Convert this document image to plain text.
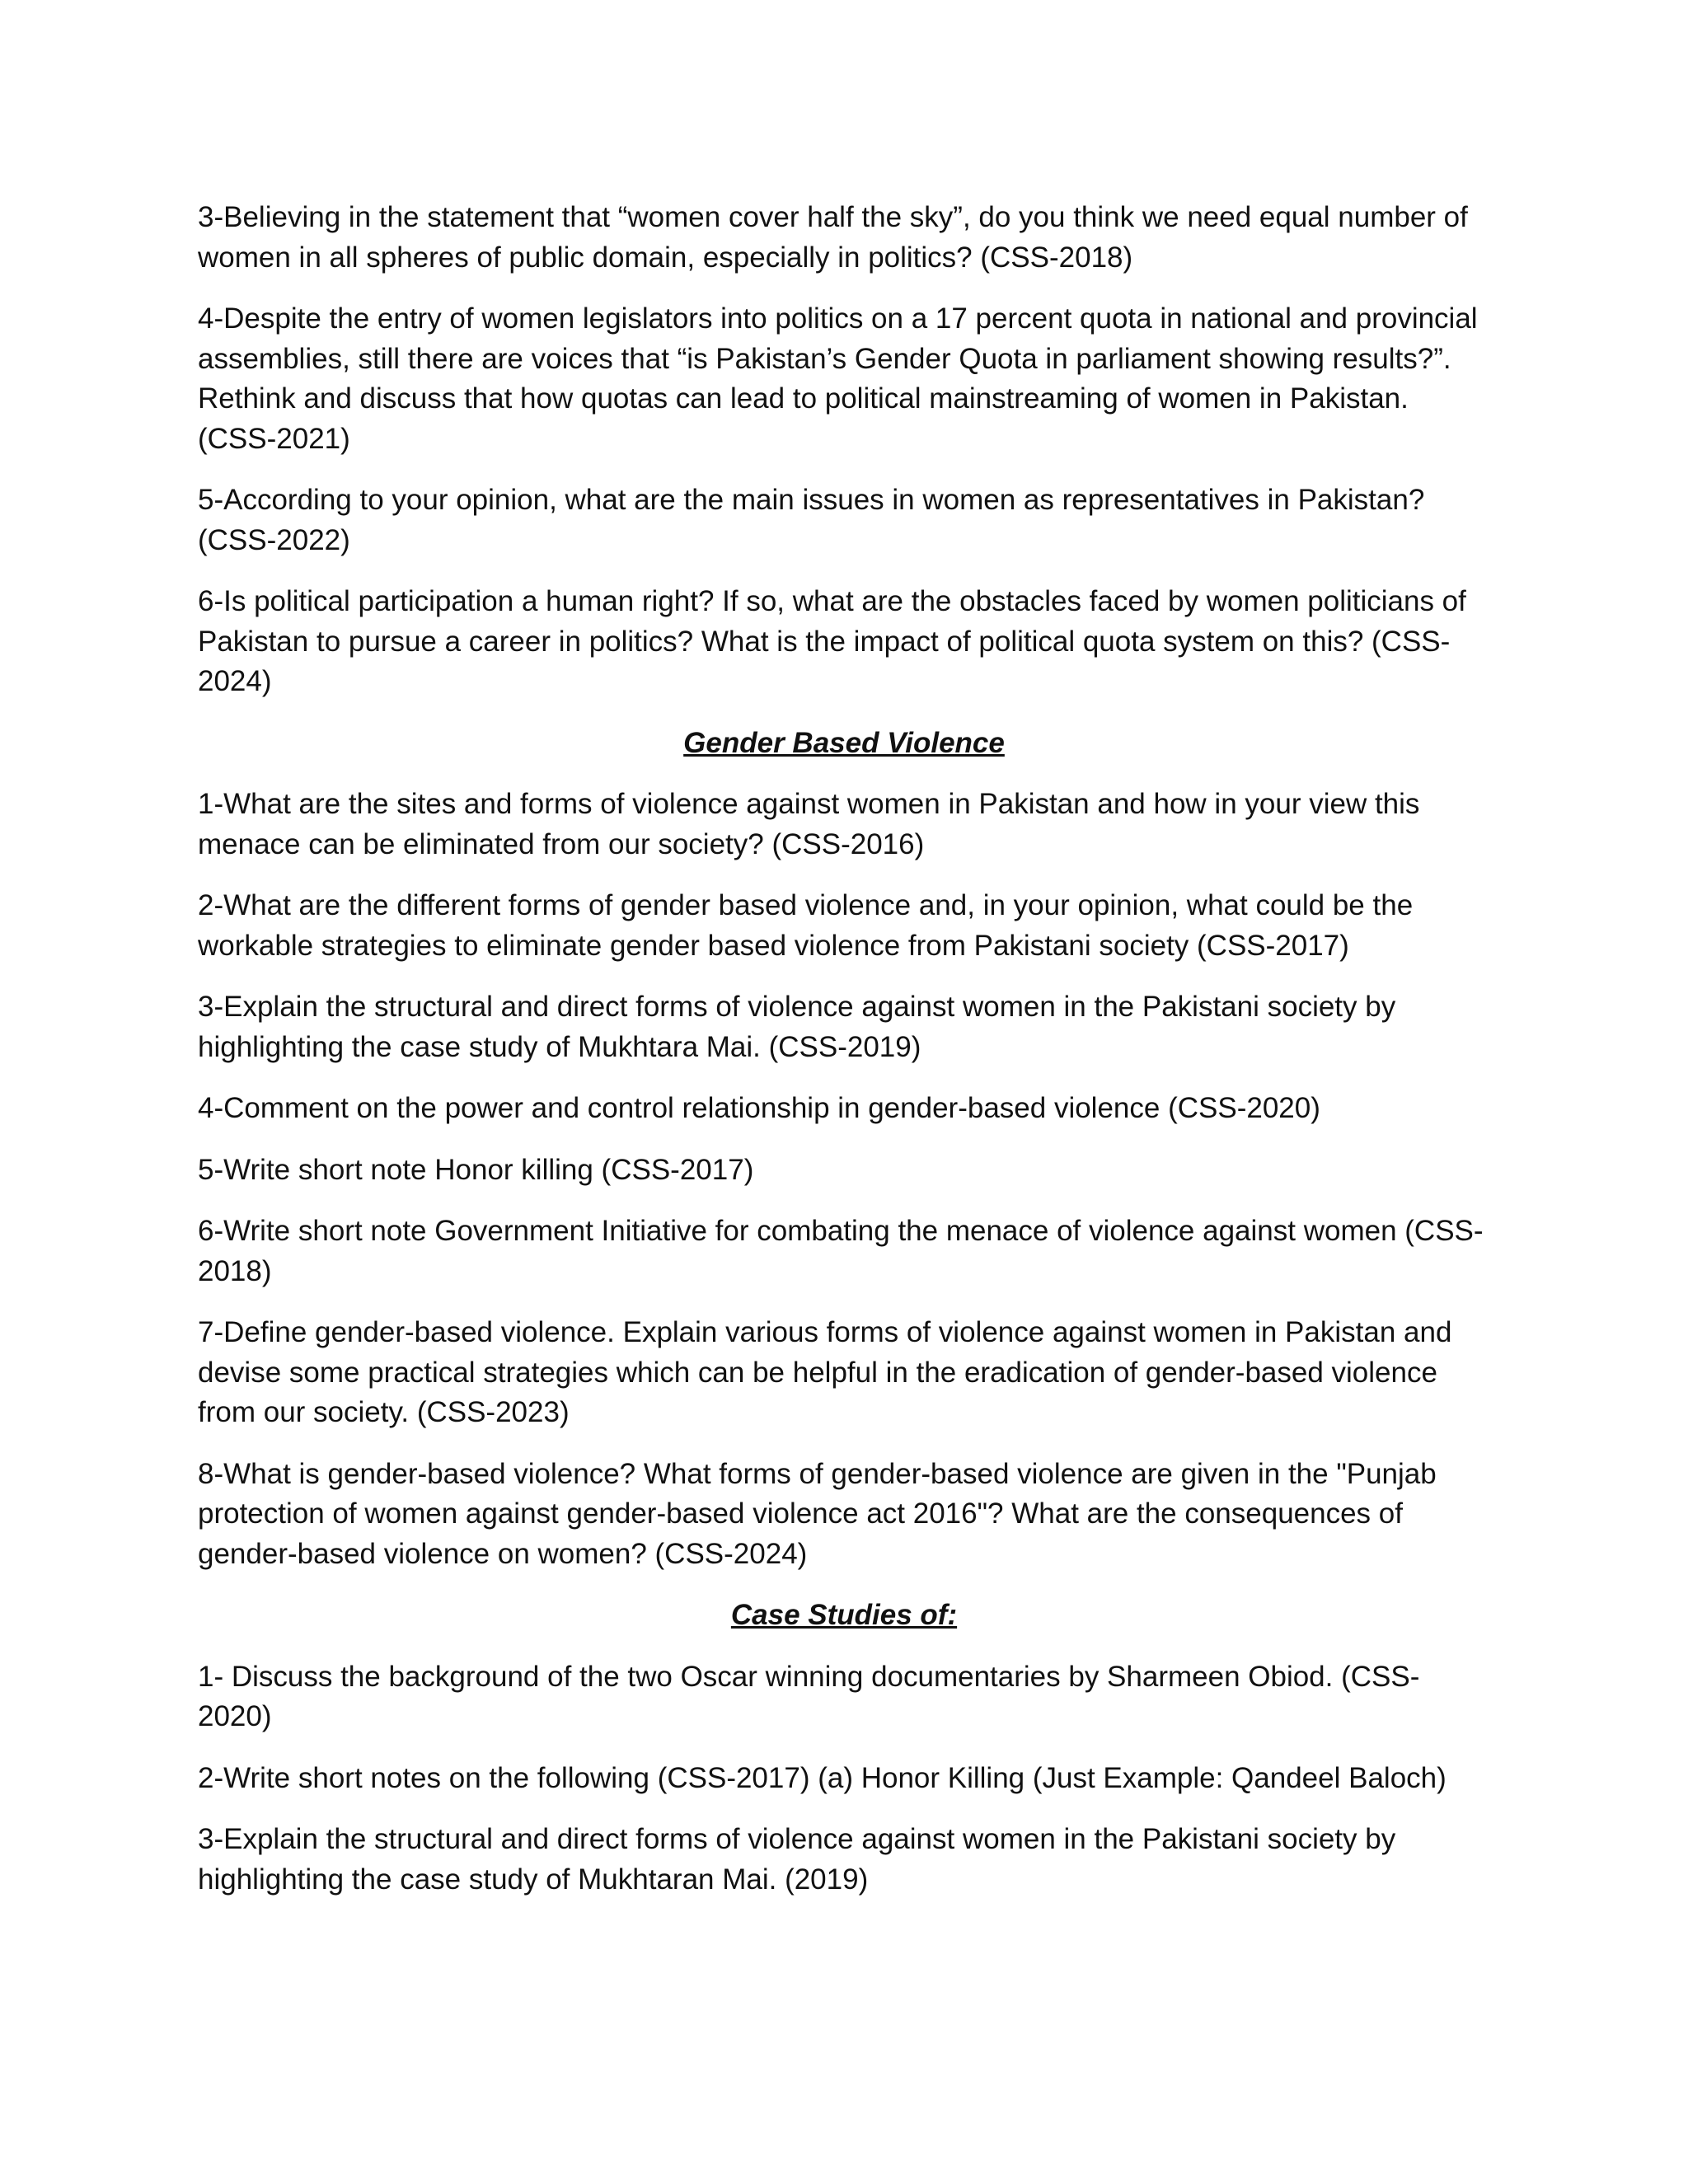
3-Believing in the statement that “women cover half the sky”, do you think we need equal number of women in all spheres of public domain, especially in politics? (CSS-2018)

4-Despite the entry of women legislators into politics on a 17 percent quota in national and provincial assemblies, still there are voices that “is Pakistan’s Gender Quota in parliament showing results?”. Rethink and discuss that how quotas can lead to political mainstreaming of women in Pakistan. (CSS-2021)

5-According to your opinion, what are the main issues in women as representatives in Pakistan? (CSS-2022)

6-Is political participation a human right? If so, what are the obstacles faced by women politicians of Pakistan to pursue a career in politics? What is the impact of political quota system on this? (CSS-2024)

Gender Based Violence

1-What are the sites and forms of violence against women in Pakistan and how in your view this menace can be eliminated from our society? (CSS-2016)

2-What are the different forms of gender based violence and, in your opinion, what could be the workable strategies to eliminate gender based violence from Pakistani society (CSS-2017)

3-Explain the structural and direct forms of violence against women in the Pakistani society by highlighting the case study of Mukhtara Mai. (CSS-2019)

4-Comment on the power and control relationship in gender-based violence (CSS-2020)

5-Write short note Honor killing (CSS-2017)

6-Write short note Government Initiative for combating the menace of violence against women (CSS-2018)

7-Define gender-based violence. Explain various forms of violence against women in Pakistan and devise some practical strategies which can be helpful in the eradication of gender-based violence from our society. (CSS-2023)

8-What is gender-based violence? What forms of gender-based violence are given in the "Punjab protection of women against gender-based violence act 2016"? What are the consequences of gender-based violence on women? (CSS-2024)

Case Studies of:

1- Discuss the background of the two Oscar winning documentaries by Sharmeen Obiod. (CSS-2020)

2-Write short notes on the following (CSS-2017) (a) Honor Killing (Just Example: Qandeel Baloch)

3-Explain the structural and direct forms of violence against women in the Pakistani society by highlighting the case study of Mukhtaran Mai. (2019)
